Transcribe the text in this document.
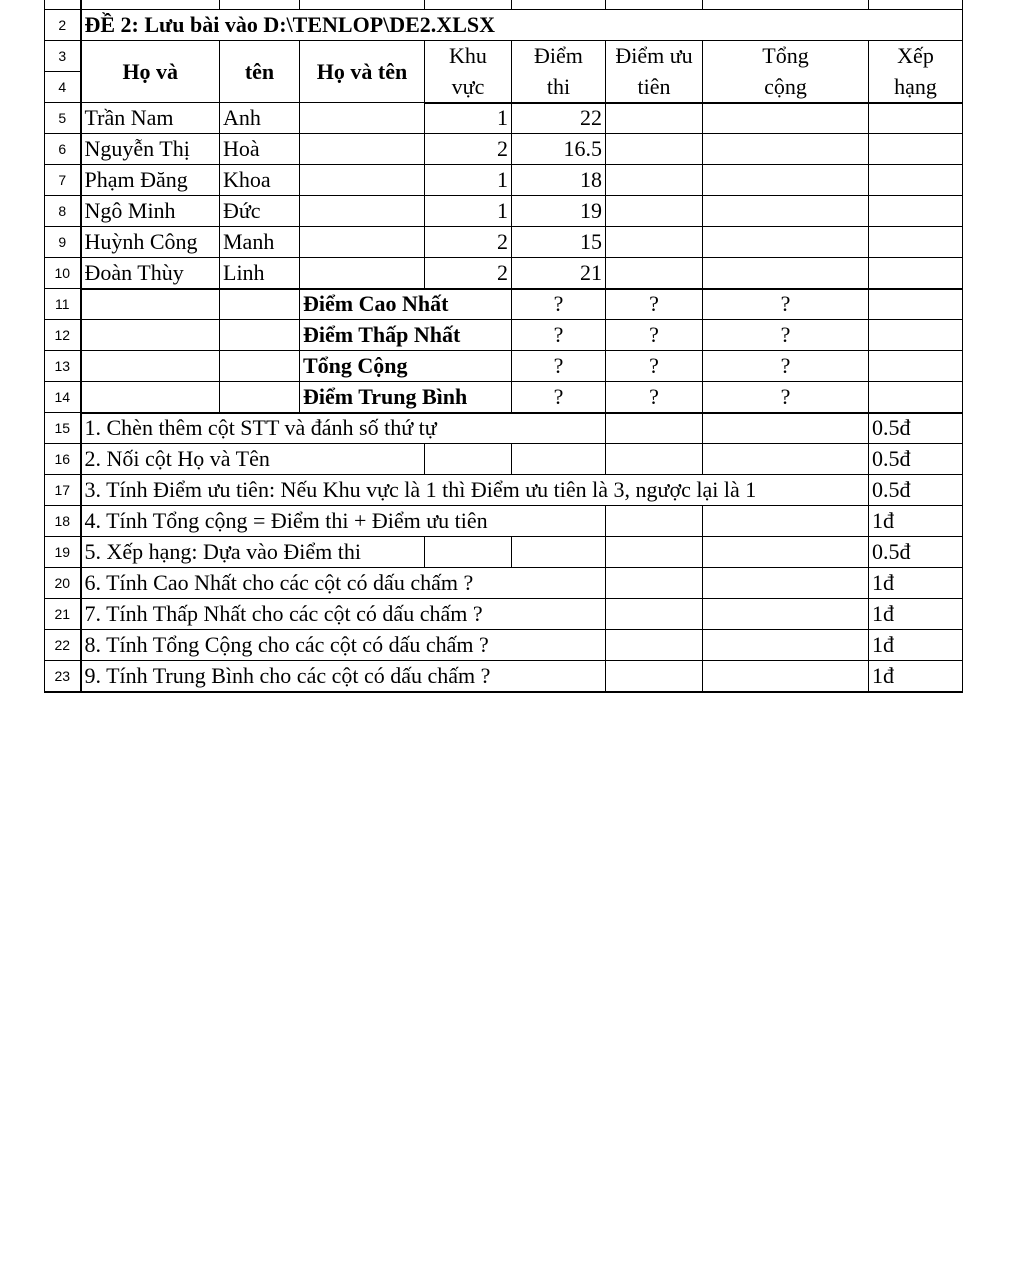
2	ĐỀ 2: Lưu bài vào D:\TENLOP\DE2.XLSX							
3	Họ và	tên	Họ và tên	Khu	Điểm	Điểm ưu	Tổng	Xếp
4				vực	thi	tiên	cộng	hạng
5	Trần Nam	Anh		1	22			
6	Nguyễn Thị	Hoà		2	16.5			
7	Phạm Đăng	Khoa		1	18			
8	Ngô Minh	Đức		1	19			
9	Huỳnh Công	Manh		2	15			
10	Đoàn Thùy	Linh		2	21			
11			Điểm Cao Nhất		?	?	?	
12			Điểm Thấp Nhất		?	?	?	
13			Tổng Cộng		?	?	?	
14			Điểm Trung Bình		?	?	?	
15	1. Chèn thêm cột STT và đánh số thứ tự							0.5đ
16	2. Nối cột Họ và Tên							0.5đ
17	3. Tính Điểm ưu tiên: Nếu Khu vực là 1 thì Điểm ưu tiên là 3, ngược lại là 1							0.5đ
18	4. Tính Tổng cộng = Điểm thi + Điểm ưu tiên							1đ
19	5. Xếp hạng: Dựa vào Điểm thi							0.5đ
20	6. Tính Cao Nhất cho các cột có dấu chấm ?							1đ
21	7. Tính Thấp Nhất cho các cột có dấu chấm ?							1đ
22	8. Tính Tổng Cộng cho các cột có dấu chấm ?							1đ
23	9. Tính Trung Bình cho các cột có dấu chấm ?							1đ
